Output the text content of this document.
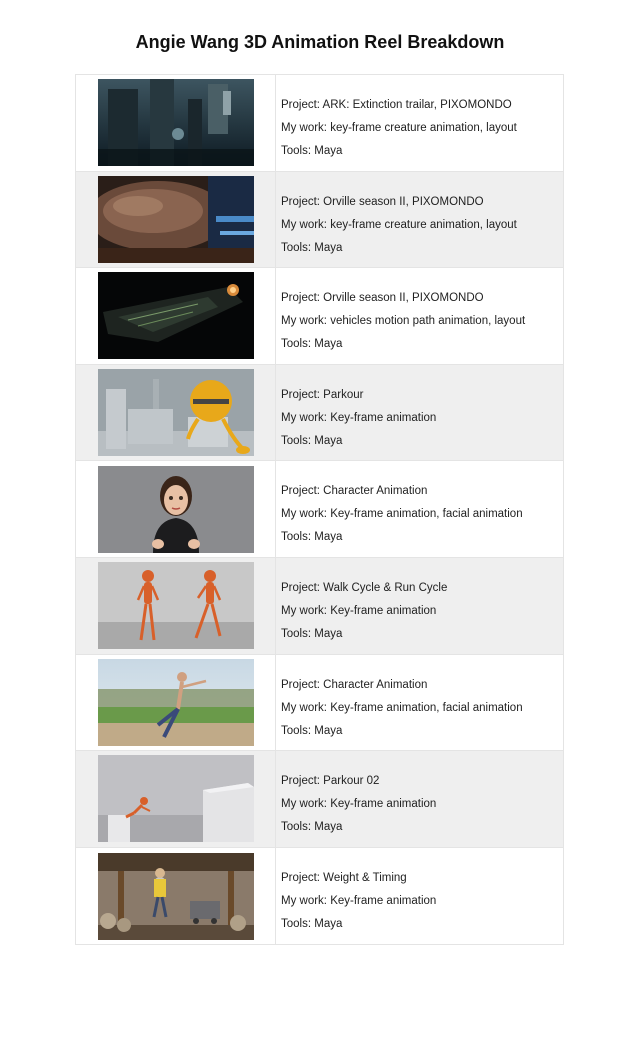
Angie Wang 3D Animation Reel Breakdown
Project: ARK: Extinction trailar, PIXOMONDO
My work: key-frame creature animation, layout
Tools: Maya
Project: Orville season II, PIXOMONDO
My work: key-frame creature animation, layout
Tools: Maya
Project: Orville season II, PIXOMONDO
My work: vehicles motion path animation, layout
Tools: Maya
Project: Parkour
My work: Key-frame animation
Tools: Maya
Project: Character Animation
My work: Key-frame animation, facial animation
Tools: Maya
Project: Walk Cycle & Run Cycle
My work: Key-frame animation
Tools: Maya
Project: Character Animation
My work: Key-frame animation, facial animation
Tools: Maya
Project: Parkour 02
My work: Key-frame animation
Tools: Maya
Project: Weight & Timing
My work: Key-frame animation
Tools: Maya
